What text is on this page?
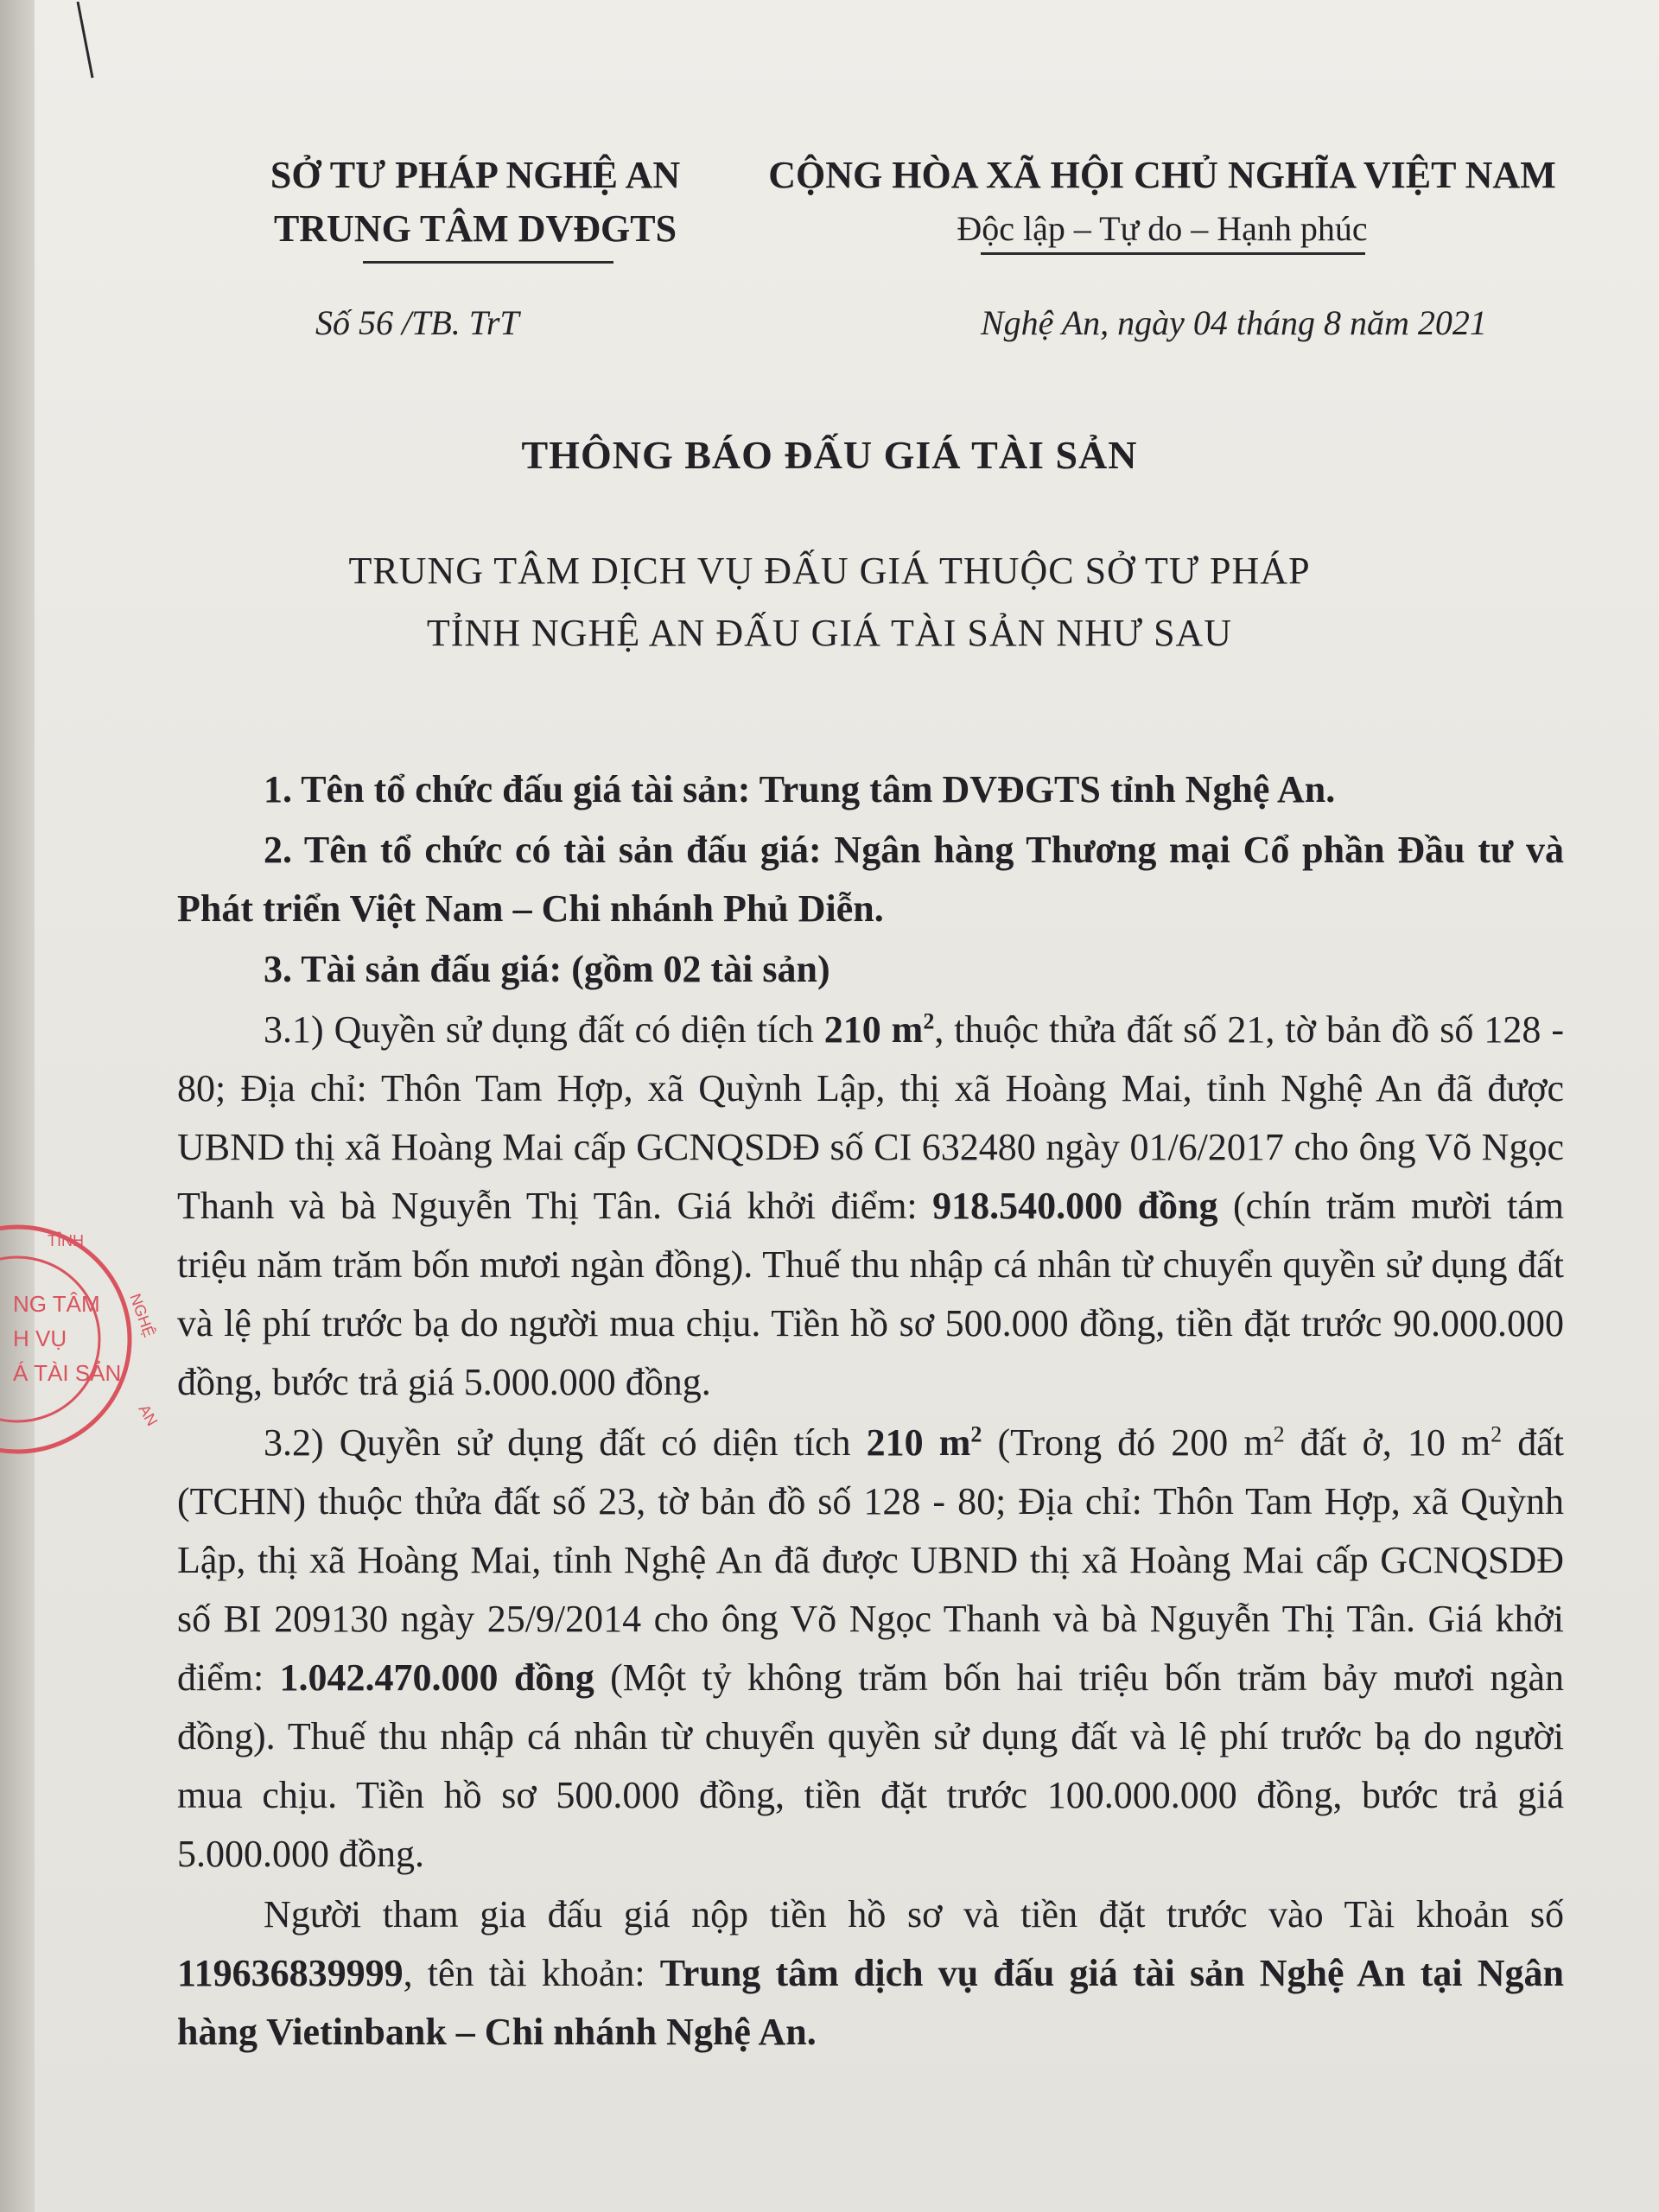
SỞ TƯ PHÁP NGHỆ AN
TRUNG TÂM DVĐGTS
CỘNG HÒA XÃ HỘI CHỦ NGHĨA VIỆT NAM
Độc lập – Tự do – Hạnh phúc
Số 56 /TB. TrT	Nghệ An, ngày 04 tháng 8 năm 2021
THÔNG BÁO ĐẤU GIÁ TÀI SẢN
TRUNG TÂM DỊCH VỤ ĐẤU GIÁ THUỘC SỞ TƯ PHÁP
TỈNH NGHỆ AN ĐẤU GIÁ TÀI SẢN NHƯ SAU

1. Tên tổ chức đấu giá tài sản: Trung tâm DVĐGTS tỉnh Nghệ An.

2. Tên tổ chức có tài sản đấu giá: Ngân hàng Thương mại Cổ phần Đầu tư và Phát triển Việt Nam – Chi nhánh Phủ Diễn.

3. Tài sản đấu giá: (gồm 02 tài sản)

3.1) Quyền sử dụng đất có diện tích 210 $m^2$, thuộc thửa đất số 21, tờ bản đồ số 128 - 80; Địa chỉ: Thôn Tam Hợp, xã Quỳnh Lập, thị xã Hoàng Mai, tỉnh Nghệ An đã được UBND thị xã Hoàng Mai cấp GCNQSDĐ số CI 632480 ngày 01/6/2017 cho ông Võ Ngọc Thanh và bà Nguyễn Thị Tân. Giá khởi điểm: 918.540.000 đồng (chín trăm mười tám triệu năm trăm bốn mươi ngàn đồng). Thuế thu nhập cá nhân từ chuyển quyền sử dụng đất và lệ phí trước bạ do người mua chịu. Tiền hồ sơ 500.000 đồng, tiền đặt trước 90.000.000 đồng, bước trả giá 5.000.000 đồng.

3.2) Quyền sử dụng đất có diện tích 210 $m^2$ (Trong đó 200 $m^2$ đất ở, 10 $m^2$ đất (TCHN) thuộc thửa đất số 23, tờ bản đồ số 128 - 80; Địa chỉ: Thôn Tam Hợp, xã Quỳnh Lập, thị xã Hoàng Mai, tỉnh Nghệ An đã được UBND thị xã Hoàng Mai cấp GCNQSDĐ số BI 209130 ngày 25/9/2014 cho ông Võ Ngọc Thanh và bà Nguyễn Thị Tân. Giá khởi điểm: 1.042.470.000 đồng (Một tỷ không trăm bốn hai triệu bốn trăm bảy mươi ngàn đồng). Thuế thu nhập cá nhân từ chuyển quyền sử dụng đất và lệ phí trước bạ do người mua chịu. Tiền hồ sơ 500.000 đồng, tiền đặt trước 100.000.000 đồng, bước trả giá 5.000.000 đồng.

Người tham gia đấu giá nộp tiền hồ sơ và tiền đặt trước vào Tài khoản số 119636839999, tên tài khoản: Trung tâm dịch vụ đấu giá tài sản Nghệ An tại Ngân hàng Vietinbank – Chi nhánh Nghệ An.

TỈNH
NG TÂM
H VỤ
Á TÀI SẢN
NGHỆ
AN
